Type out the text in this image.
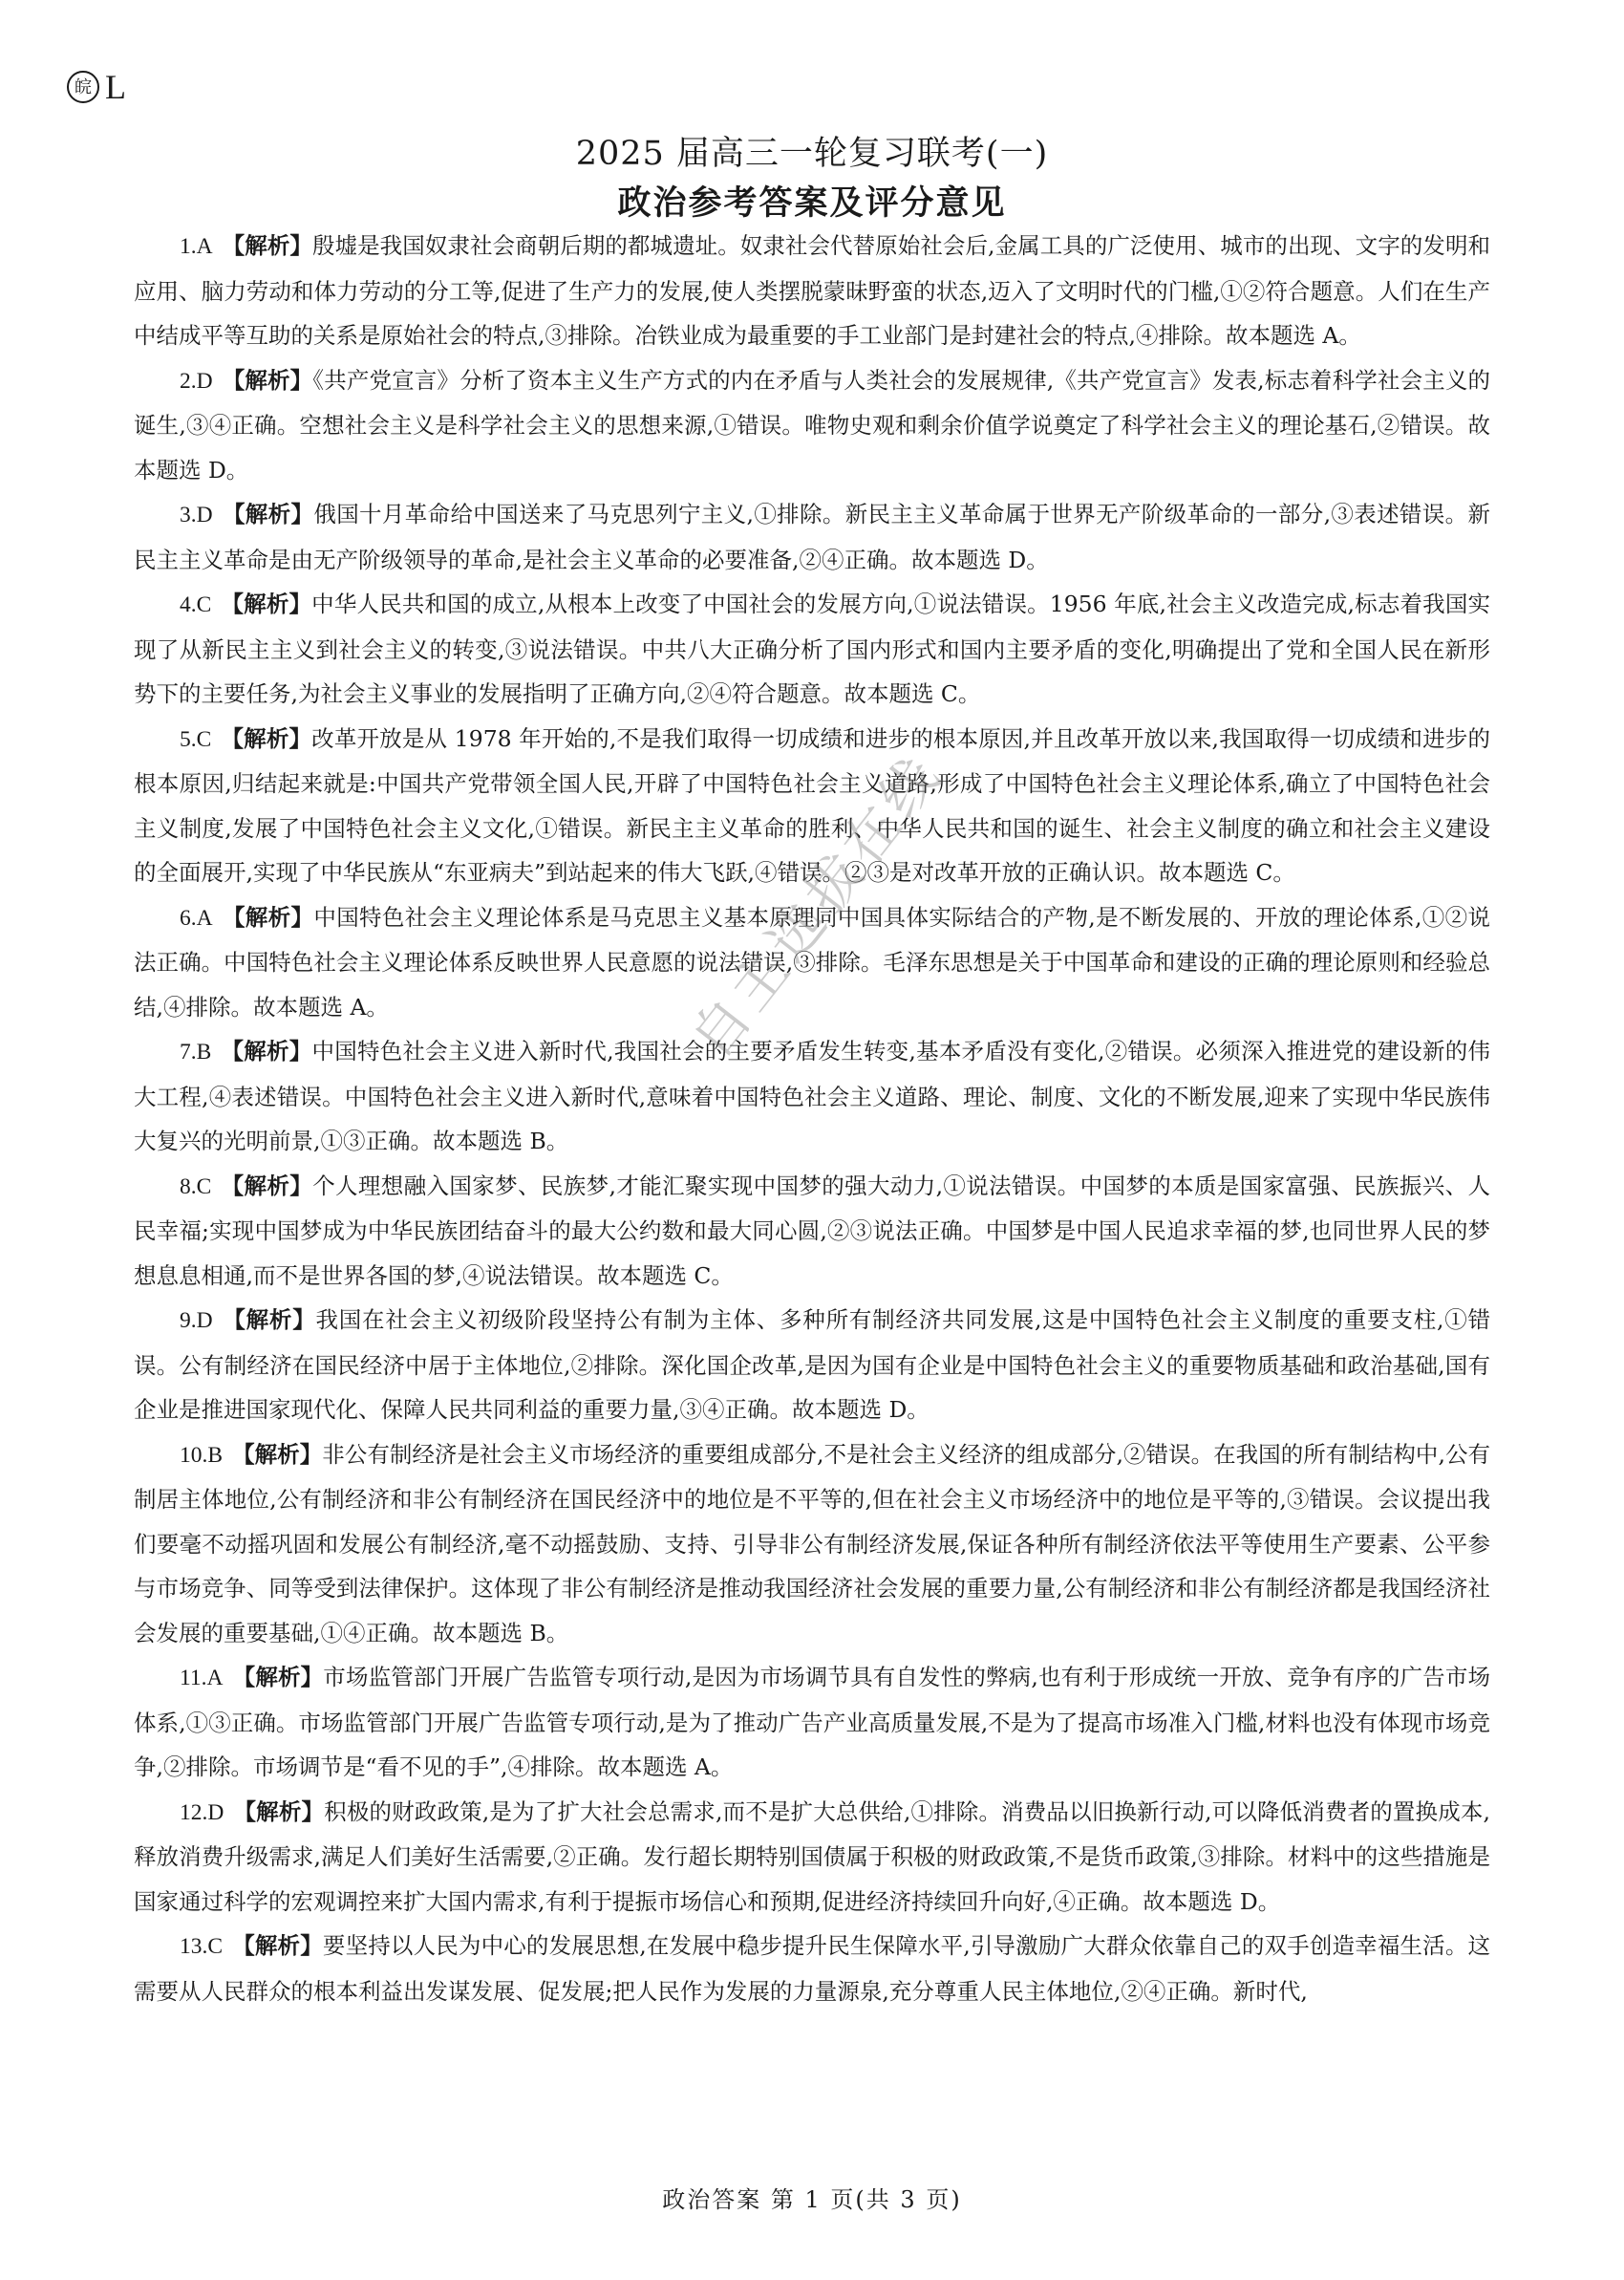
皖 L
2025 届高三一轮复习联考(一)
政治参考答案及评分意见

1.A 【解析】殷墟是我国奴隶社会商朝后期的都城遗址。奴隶社会代替原始社会后,金属工具的广泛使用、城市的出现、文字的发明和应用、脑力劳动和体力劳动的分工等,促进了生产力的发展,使人类摆脱蒙昧野蛮的状态,迈入了文明时代的门槛,①②符合题意。人们在生产中结成平等互助的关系是原始社会的特点,③排除。冶铁业成为最重要的手工业部门是封建社会的特点,④排除。故本题选 A。

2.D 【解析】《共产党宣言》分析了资本主义生产方式的内在矛盾与人类社会的发展规律,《共产党宣言》发表,标志着科学社会主义的诞生,③④正确。空想社会主义是科学社会主义的思想来源,①错误。唯物史观和剩余价值学说奠定了科学社会主义的理论基石,②错误。故本题选 D。

3.D 【解析】俄国十月革命给中国送来了马克思列宁主义,①排除。新民主主义革命属于世界无产阶级革命的一部分,③表述错误。新民主主义革命是由无产阶级领导的革命,是社会主义革命的必要准备,②④正确。故本题选 D。

4.C 【解析】中华人民共和国的成立,从根本上改变了中国社会的发展方向,①说法错误。1956 年底,社会主义改造完成,标志着我国实现了从新民主主义到社会主义的转变,③说法错误。中共八大正确分析了国内形式和国内主要矛盾的变化,明确提出了党和全国人民在新形势下的主要任务,为社会主义事业的发展指明了正确方向,②④符合题意。故本题选 C。

5.C 【解析】改革开放是从 1978 年开始的,不是我们取得一切成绩和进步的根本原因,并且改革开放以来,我国取得一切成绩和进步的根本原因,归结起来就是:中国共产党带领全国人民,开辟了中国特色社会主义道路,形成了中国特色社会主义理论体系,确立了中国特色社会主义制度,发展了中国特色社会主义文化,①错误。新民主主义革命的胜利、中华人民共和国的诞生、社会主义制度的确立和社会主义建设的全面展开,实现了中华民族从“东亚病夫”到站起来的伟大飞跃,④错误。②③是对改革开放的正确认识。故本题选 C。

6.A 【解析】中国特色社会主义理论体系是马克思主义基本原理同中国具体实际结合的产物,是不断发展的、开放的理论体系,①②说法正确。中国特色社会主义理论体系反映世界人民意愿的说法错误,③排除。毛泽东思想是关于中国革命和建设的正确的理论原则和经验总结,④排除。故本题选 A。

7.B 【解析】中国特色社会主义进入新时代,我国社会的主要矛盾发生转变,基本矛盾没有变化,②错误。必须深入推进党的建设新的伟大工程,④表述错误。中国特色社会主义进入新时代,意味着中国特色社会主义道路、理论、制度、文化的不断发展,迎来了实现中华民族伟大复兴的光明前景,①③正确。故本题选 B。

8.C 【解析】个人理想融入国家梦、民族梦,才能汇聚实现中国梦的强大动力,①说法错误。中国梦的本质是国家富强、民族振兴、人民幸福;实现中国梦成为中华民族团结奋斗的最大公约数和最大同心圆,②③说法正确。中国梦是中国人民追求幸福的梦,也同世界人民的梦想息息相通,而不是世界各国的梦,④说法错误。故本题选 C。

9.D 【解析】我国在社会主义初级阶段坚持公有制为主体、多种所有制经济共同发展,这是中国特色社会主义制度的重要支柱,①错误。公有制经济在国民经济中居于主体地位,②排除。深化国企改革,是因为国有企业是中国特色社会主义的重要物质基础和政治基础,国有企业是推进国家现代化、保障人民共同利益的重要力量,③④正确。故本题选 D。

10.B 【解析】非公有制经济是社会主义市场经济的重要组成部分,不是社会主义经济的组成部分,②错误。在我国的所有制结构中,公有制居主体地位,公有制经济和非公有制经济在国民经济中的地位是不平等的,但在社会主义市场经济中的地位是平等的,③错误。会议提出我们要毫不动摇巩固和发展公有制经济,毫不动摇鼓励、支持、引导非公有制经济发展,保证各种所有制经济依法平等使用生产要素、公平参与市场竞争、同等受到法律保护。这体现了非公有制经济是推动我国经济社会发展的重要力量,公有制经济和非公有制经济都是我国经济社会发展的重要基础,①④正确。故本题选 B。

11.A 【解析】市场监管部门开展广告监管专项行动,是因为市场调节具有自发性的弊病,也有利于形成统一开放、竞争有序的广告市场体系,①③正确。市场监管部门开展广告监管专项行动,是为了推动广告产业高质量发展,不是为了提高市场准入门槛,材料也没有体现市场竞争,②排除。市场调节是“看不见的手”,④排除。故本题选 A。

12.D 【解析】积极的财政政策,是为了扩大社会总需求,而不是扩大总供给,①排除。消费品以旧换新行动,可以降低消费者的置换成本,释放消费升级需求,满足人们美好生活需要,②正确。发行超长期特别国债属于积极的财政政策,不是货币政策,③排除。材料中的这些措施是国家通过科学的宏观调控来扩大国内需求,有利于提振市场信心和预期,促进经济持续回升向好,④正确。故本题选 D。

13.C 【解析】要坚持以人民为中心的发展思想,在发展中稳步提升民生保障水平,引导激励广大群众依靠自己的双手创造幸福生活。这需要从人民群众的根本利益出发谋发展、促发展;把人民作为发展的力量源泉,充分尊重人民主体地位,②④正确。新时代,

自主选拔在线
政治答案 第 1 页(共 3 页)
